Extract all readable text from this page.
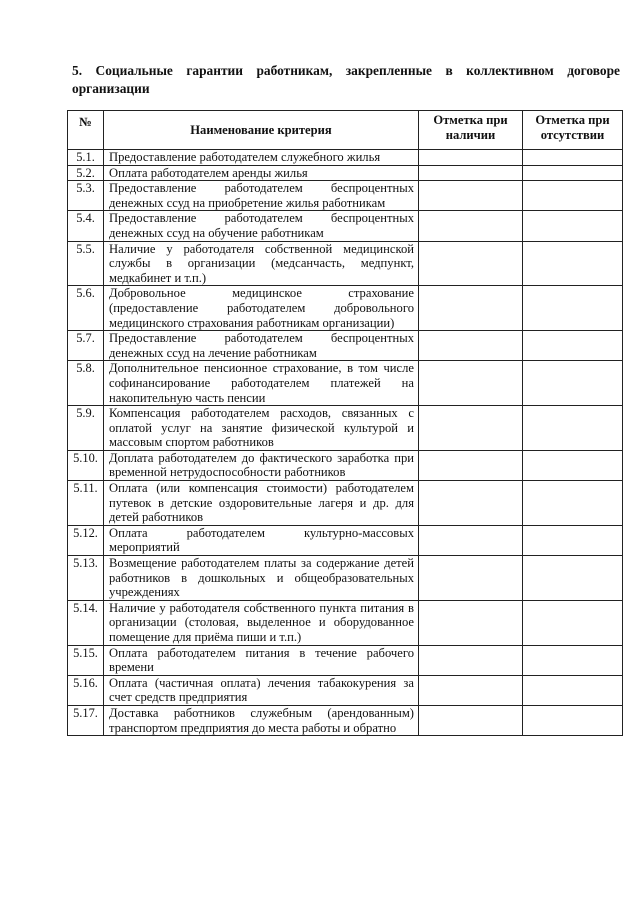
5. Социальные гарантии работникам, закрепленные в коллективном договоре организации
№	Наименование критерия	Отметка при наличии	Отметка при отсутствии
5.1.	Предоставление работодателем служебного жилья		
5.2.	Оплата работодателем аренды жилья		
5.3.	Предоставление работодателем беспроцентных денежных ссуд на приобретение жилья работникам		
5.4.	Предоставление работодателем беспроцентных денежных ссуд на обучение работникам		
5.5.	Наличие у работодателя собственной медицинской службы в организации (медсанчасть, медпункт, медкабинет и т.п.)		
5.6.	Добровольное медицинское страхование (предоставление работодателем добровольного медицинского страхования работникам организации)		
5.7.	Предоставление работодателем беспроцентных денежных ссуд на лечение работникам		
5.8.	Дополнительное пенсионное страхование, в том числе софинансирование работодателем платежей на накопительную часть пенсии		
5.9.	Компенсация работодателем расходов, связанных с оплатой услуг на занятие физической культурой и массовым спортом работников		
5.10.	Доплата работодателем до фактического заработка при временной нетрудоспособности работников		
5.11.	Оплата (или компенсация стоимости) работодателем путевок в детские оздоровительные лагеря и др. для детей работников		
5.12.	Оплата работодателем культурно-массовых мероприятий		
5.13.	Возмещение работодателем платы за содержание детей работников в дошкольных и общеобразовательных учреждениях		
5.14.	Наличие у работодателя собственного пункта питания в организации (столовая, выделенное и оборудованное помещение для приёма пиши и т.п.)		
5.15.	Оплата работодателем питания в течение рабочего времени		
5.16.	Оплата (частичная оплата) лечения табакокурения за счет средств предприятия		
5.17.	Доставка работников служебным (арендованным) транспортом предприятия до места работы и обратно		
